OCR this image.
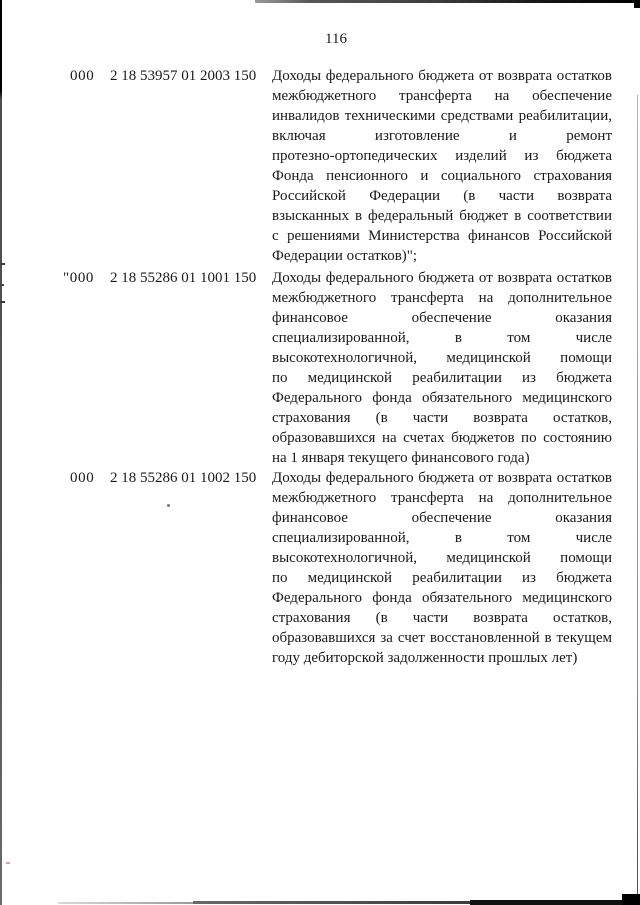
116
000	2 18 53957 01 2003 150	Доходы федерального бюджета от возврата остатков
межбюджетного трансферта на обеспечение
инвалидов техническими средствами реабилитации,
включая изготовление и ремонт
протезно-ортопедических изделий из бюджета
Фонда пенсионного и социального страхования
Российской Федерации (в части возврата
взысканных в федеральный бюджет в соответствии
с решениями Министерства финансов Российской
Федерации остатков)";
"000	2 18 55286 01 1001 150	Доходы федерального бюджета от возврата остатков
межбюджетного трансферта на дополнительное
финансовое обеспечение оказания
специализированной, в том числе
высокотехнологичной, медицинской помощи
по медицинской реабилитации из бюджета
Федерального фонда обязательного медицинского
страхования (в части возврата остатков,
образовавшихся на счетах бюджетов по состоянию
на 1 января текущего финансового года)
000	2 18 55286 01 1002 150	Доходы федерального бюджета от возврата остатков
межбюджетного трансферта на дополнительное
финансовое обеспечение оказания
специализированной, в том числе
высокотехнологичной, медицинской помощи
по медицинской реабилитации из бюджета
Федерального фонда обязательного медицинского
страхования (в части возврата остатков,
образовавшихся за счет восстановленной в текущем
году дебиторской задолженности прошлых лет)
